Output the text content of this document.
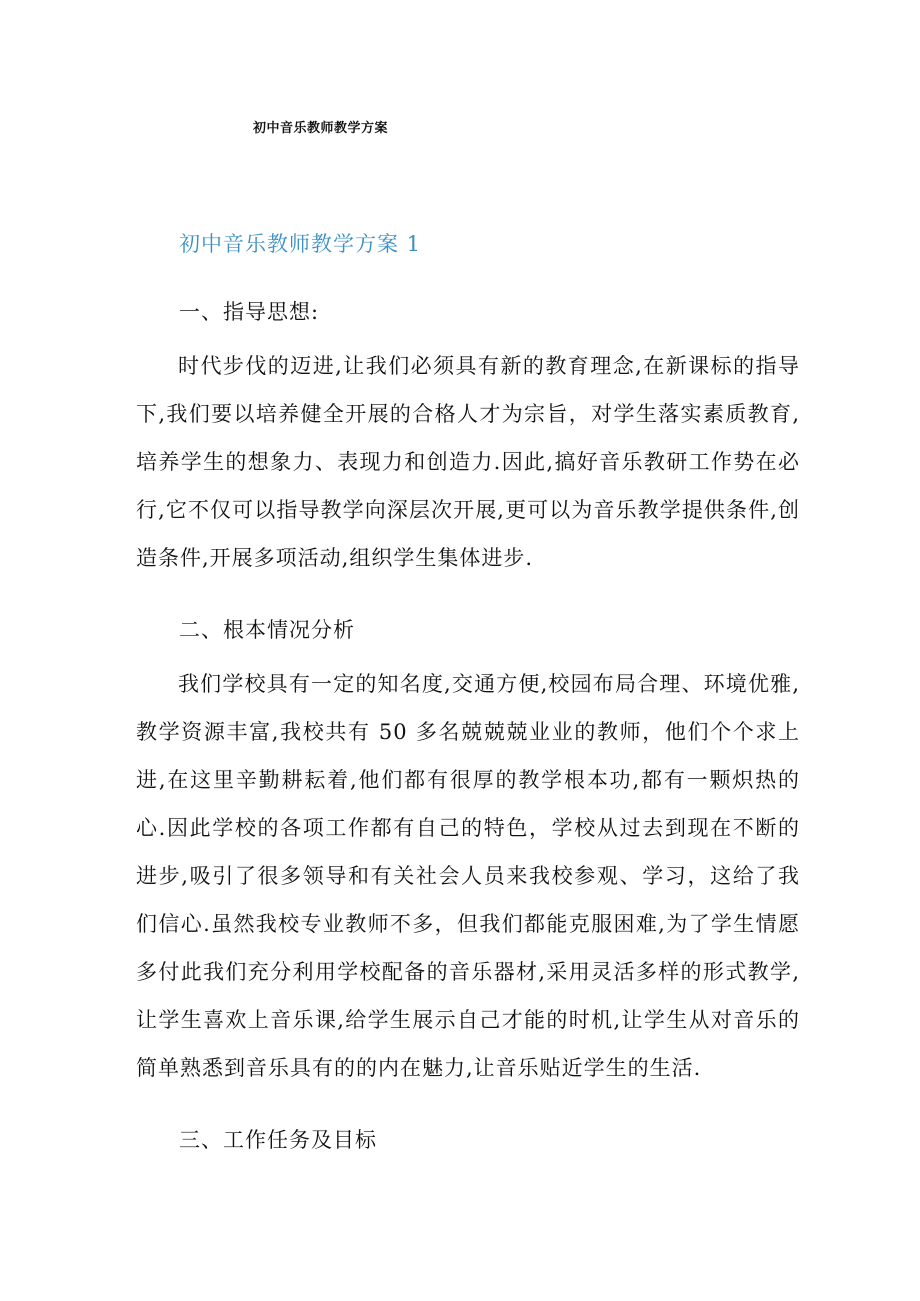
初中音乐教师教学方案
初中音乐教师教学方案 1
一、指导思想:
时代步伐的迈进,让我们必须具有新的教育理念,在新课标的指导下,我们要以培养健全开展的合格人才为宗旨，对学生落实素质教育,培养学生的想象力、表现力和创造力.因此,搞好音乐教研工作势在必行,它不仅可以指导教学向深层次开展,更可以为音乐教学提供条件,创造条件,开展多项活动,组织学生集体进步.
二、根本情况分析
我们学校具有一定的知名度,交通方便,校园布局合理、环境优雅,教学资源丰富,我校共有 50 多名兢兢兢业业的教师，他们个个求上进,在这里辛勤耕耘着,他们都有很厚的教学根本功,都有一颗炽热的心.因此学校的各项工作都有自己的特色，学校从过去到现在不断的进步,吸引了很多领导和有关社会人员来我校参观、学习，这给了我们信心.虽然我校专业教师不多，但我们都能克服困难,为了学生情愿多付此我们充分利用学校配备的音乐器材,采用灵活多样的形式教学,让学生喜欢上音乐课,给学生展示自己才能的时机,让学生从对音乐的简单熟悉到音乐具有的的内在魅力,让音乐贴近学生的生活.
三、工作任务及目标
